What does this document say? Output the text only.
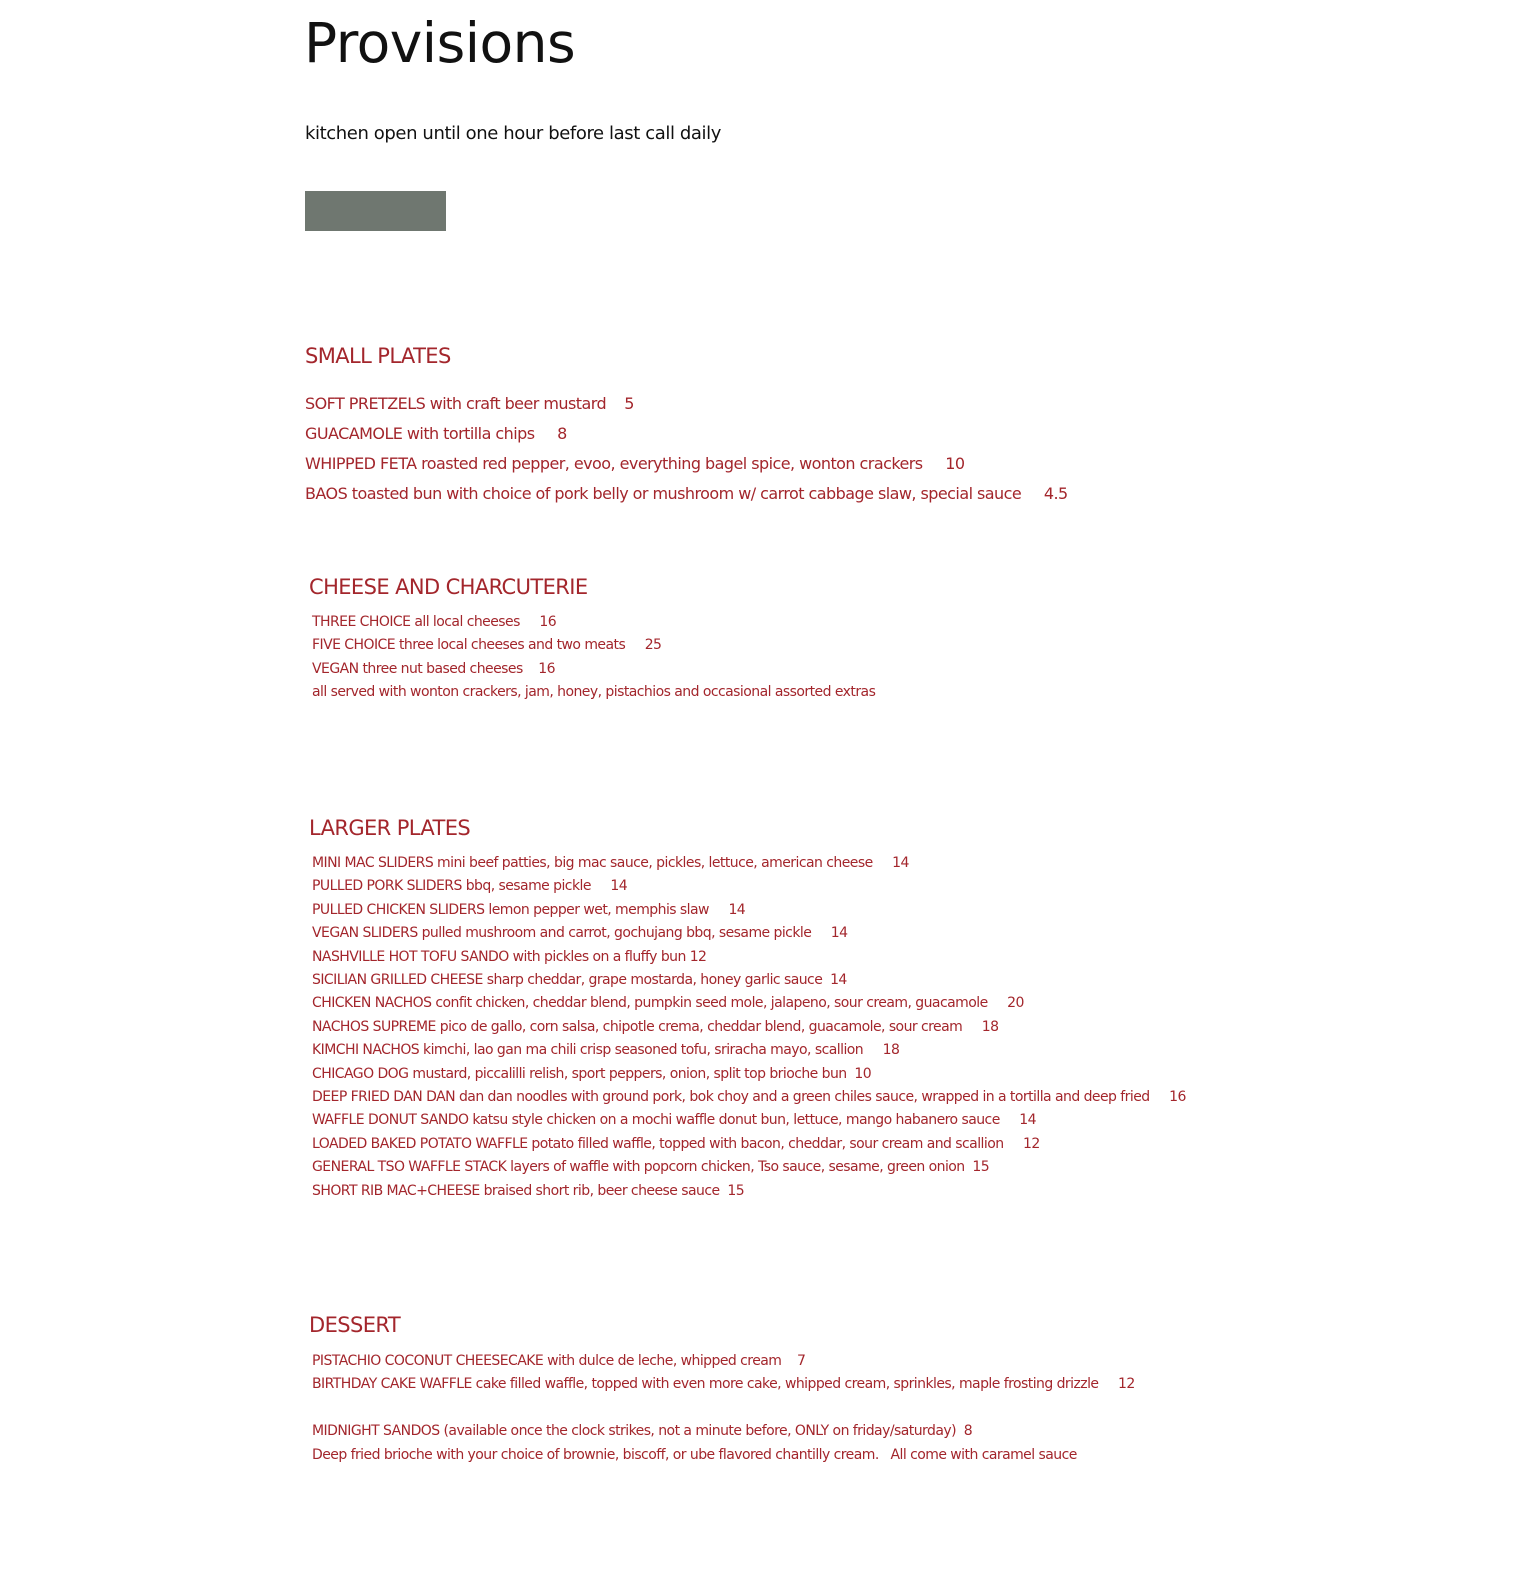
Provisions

kitchen open until one hour before last call daily

SMALL PLATES
SOFT PRETZELS with craft beer mustard    5
GUACAMOLE with tortilla chips     8
WHIPPED FETA roasted red pepper, evoo, everything bagel spice, wonton crackers     10
BAOS toasted bun with choice of pork belly or mushroom w/ carrot cabbage slaw, special sauce     4.5
CHEESE AND CHARCUTERIE
THREE CHOICE all local cheeses     16
FIVE CHOICE three local cheeses and two meats     25
VEGAN three nut based cheeses    16
all served with wonton crackers, jam, honey, pistachios and occasional assorted extras
LARGER PLATES
MINI MAC SLIDERS mini beef patties, big mac sauce, pickles, lettuce, american cheese     14
PULLED PORK SLIDERS bbq, sesame pickle     14
PULLED CHICKEN SLIDERS lemon pepper wet, memphis slaw     14
VEGAN SLIDERS pulled mushroom and carrot, gochujang bbq, sesame pickle     14
NASHVILLE HOT TOFU SANDO with pickles on a fluffy bun 12
SICILIAN GRILLED CHEESE sharp cheddar, grape mostarda, honey garlic sauce  14
CHICKEN NACHOS confit chicken, cheddar blend, pumpkin seed mole, jalapeno, sour cream, guacamole     20
NACHOS SUPREME pico de gallo, corn salsa, chipotle crema, cheddar blend, guacamole, sour cream     18
KIMCHI NACHOS kimchi, lao gan ma chili crisp seasoned tofu, sriracha mayo, scallion     18
CHICAGO DOG mustard, piccalilli relish, sport peppers, onion, split top brioche bun  10
DEEP FRIED DAN DAN dan dan noodles with ground pork, bok choy and a green chiles sauce, wrapped in a tortilla and deep fried     16
WAFFLE DONUT SANDO katsu style chicken on a mochi waffle donut bun, lettuce, mango habanero sauce     14
LOADED BAKED POTATO WAFFLE potato filled waffle, topped with bacon, cheddar, sour cream and scallion     12
GENERAL TSO WAFFLE STACK layers of waffle with popcorn chicken, Tso sauce, sesame, green onion  15
SHORT RIB MAC+CHEESE braised short rib, beer cheese sauce  15
DESSERT
PISTACHIO COCONUT CHEESECAKE with dulce de leche, whipped cream    7
BIRTHDAY CAKE WAFFLE cake filled waffle, topped with even more cake, whipped cream, sprinkles, maple frosting drizzle     12
MIDNIGHT SANDOS (available once the clock strikes, not a minute before, ONLY on friday/saturday)  8
Deep fried brioche with your choice of brownie, biscoff, or ube flavored chantilly cream.   All come with caramel sauce
